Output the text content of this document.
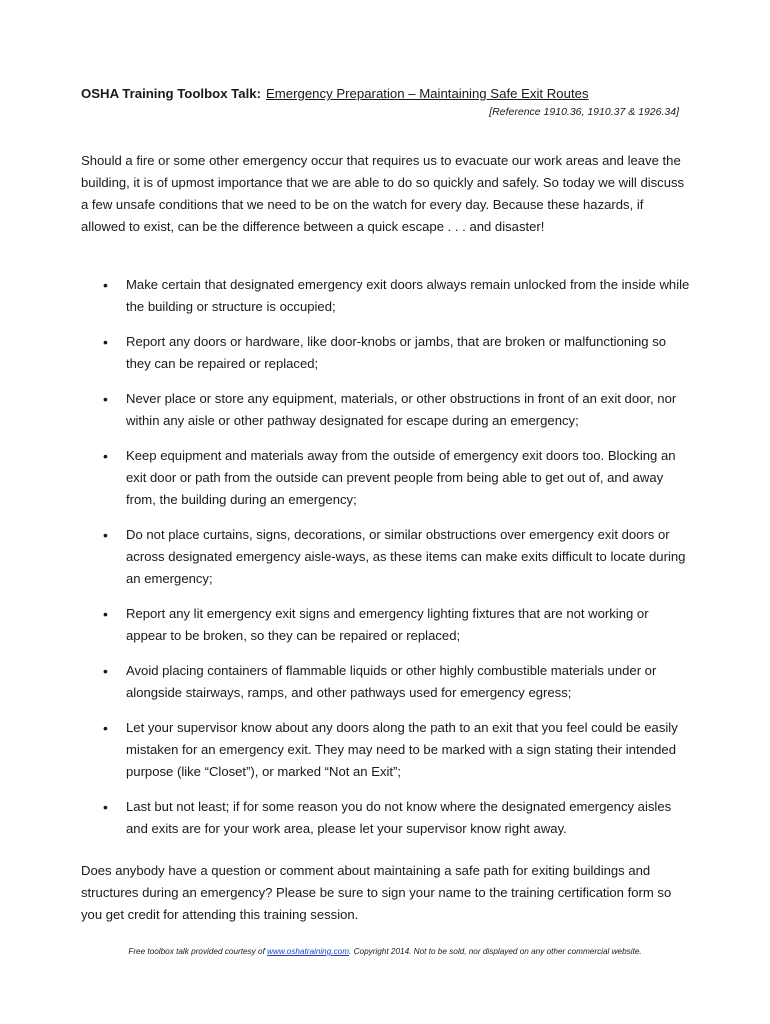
OSHA Training Toolbox Talk: Emergency Preparation – Maintaining Safe Exit Routes
[Reference 1910.36, 1910.37 & 1926.34]

Should a fire or some other emergency occur that requires us to evacuate our work areas and leave the building, it is of upmost importance that we are able to do so quickly and safely. So today we will discuss a few unsafe conditions that we need to be on the watch for every day. Because these hazards, if allowed to exist, can be the difference between a quick escape . . . and disaster!

• Make certain that designated emergency exit doors always remain unlocked from the inside while the building or structure is occupied;
• Report any doors or hardware, like door-knobs or jambs, that are broken or malfunctioning so they can be repaired or replaced;
• Never place or store any equipment, materials, or other obstructions in front of an exit door, nor within any aisle or other pathway designated for escape during an emergency;
• Keep equipment and materials away from the outside of emergency exit doors too. Blocking an exit door or path from the outside can prevent people from being able to get out of, and away from, the building during an emergency;
• Do not place curtains, signs, decorations, or similar obstructions over emergency exit doors or across designated emergency aisle-ways, as these items can make exits difficult to locate during an emergency;
• Report any lit emergency exit signs and emergency lighting fixtures that are not working or appear to be broken, so they can be repaired or replaced;
• Avoid placing containers of flammable liquids or other highly combustible materials under or alongside stairways, ramps, and other pathways used for emergency egress;
• Let your supervisor know about any doors along the path to an exit that you feel could be easily mistaken for an emergency exit. They may need to be marked with a sign stating their intended purpose (like “Closet”), or marked “Not an Exit”;
• Last but not least; if for some reason you do not know where the designated emergency aisles and exits are for your work area, please let your supervisor know right away.

Does anybody have a question or comment about maintaining a safe path for exiting buildings and structures during an emergency? Please be sure to sign your name to the training certification form so you get credit for attending this training session.

Free toolbox talk provided courtesy of www.oshatraining.com. Copyright 2014. Not to be sold, nor displayed on any other commercial website.
